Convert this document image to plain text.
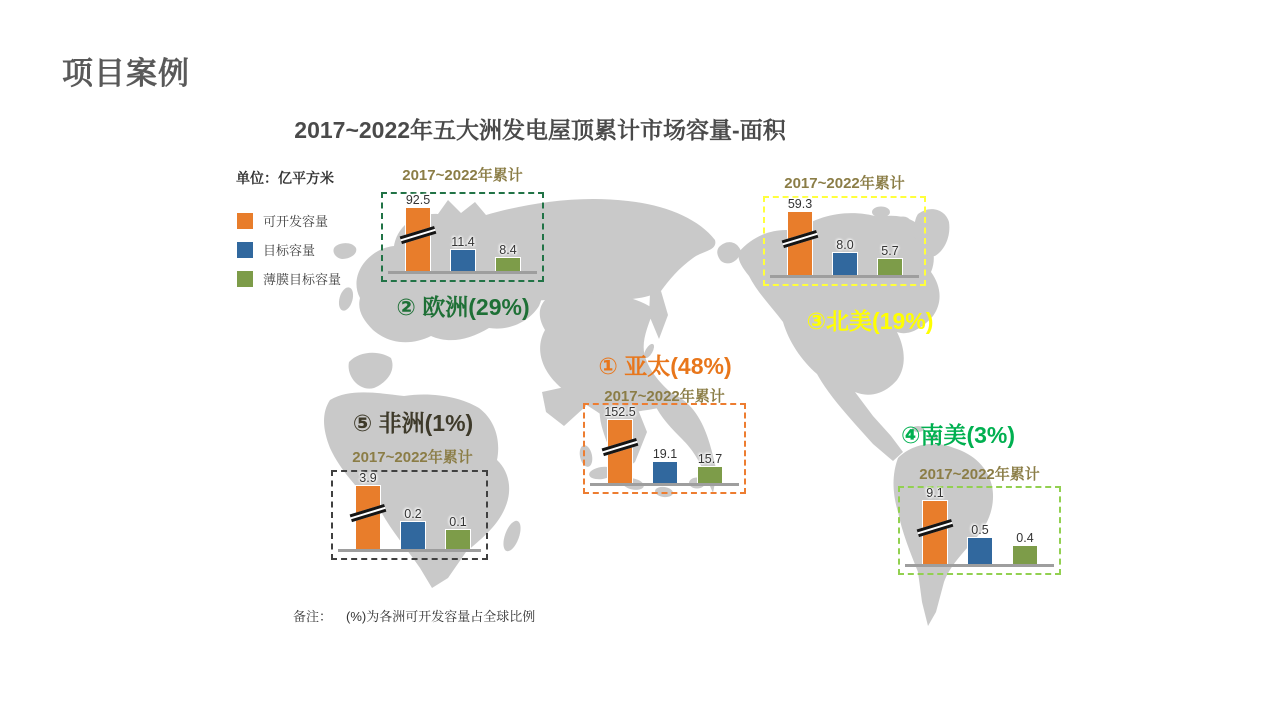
项目案例
2017~2022年五大洲发电屋顶累计市场容量-面积
单位：亿平方米
可开发容量
目标容量
薄膜目标容量
2017~2022年累计
92.5
11.4
8.4
② 欧洲(29%)
2017~2022年累计
59.3
8.0 5.7
③北美(19%)
① 亚太(48%)
2017~2022年累计
152.5
19.1 15.7
⑤ 非洲(1%)
2017~2022年累计
3.9
0.2
0.1
④南美(3%)
2017~2022年累计
9.1
0.5
0.4
备注： (%)为各洲可开发容量占全球比例
